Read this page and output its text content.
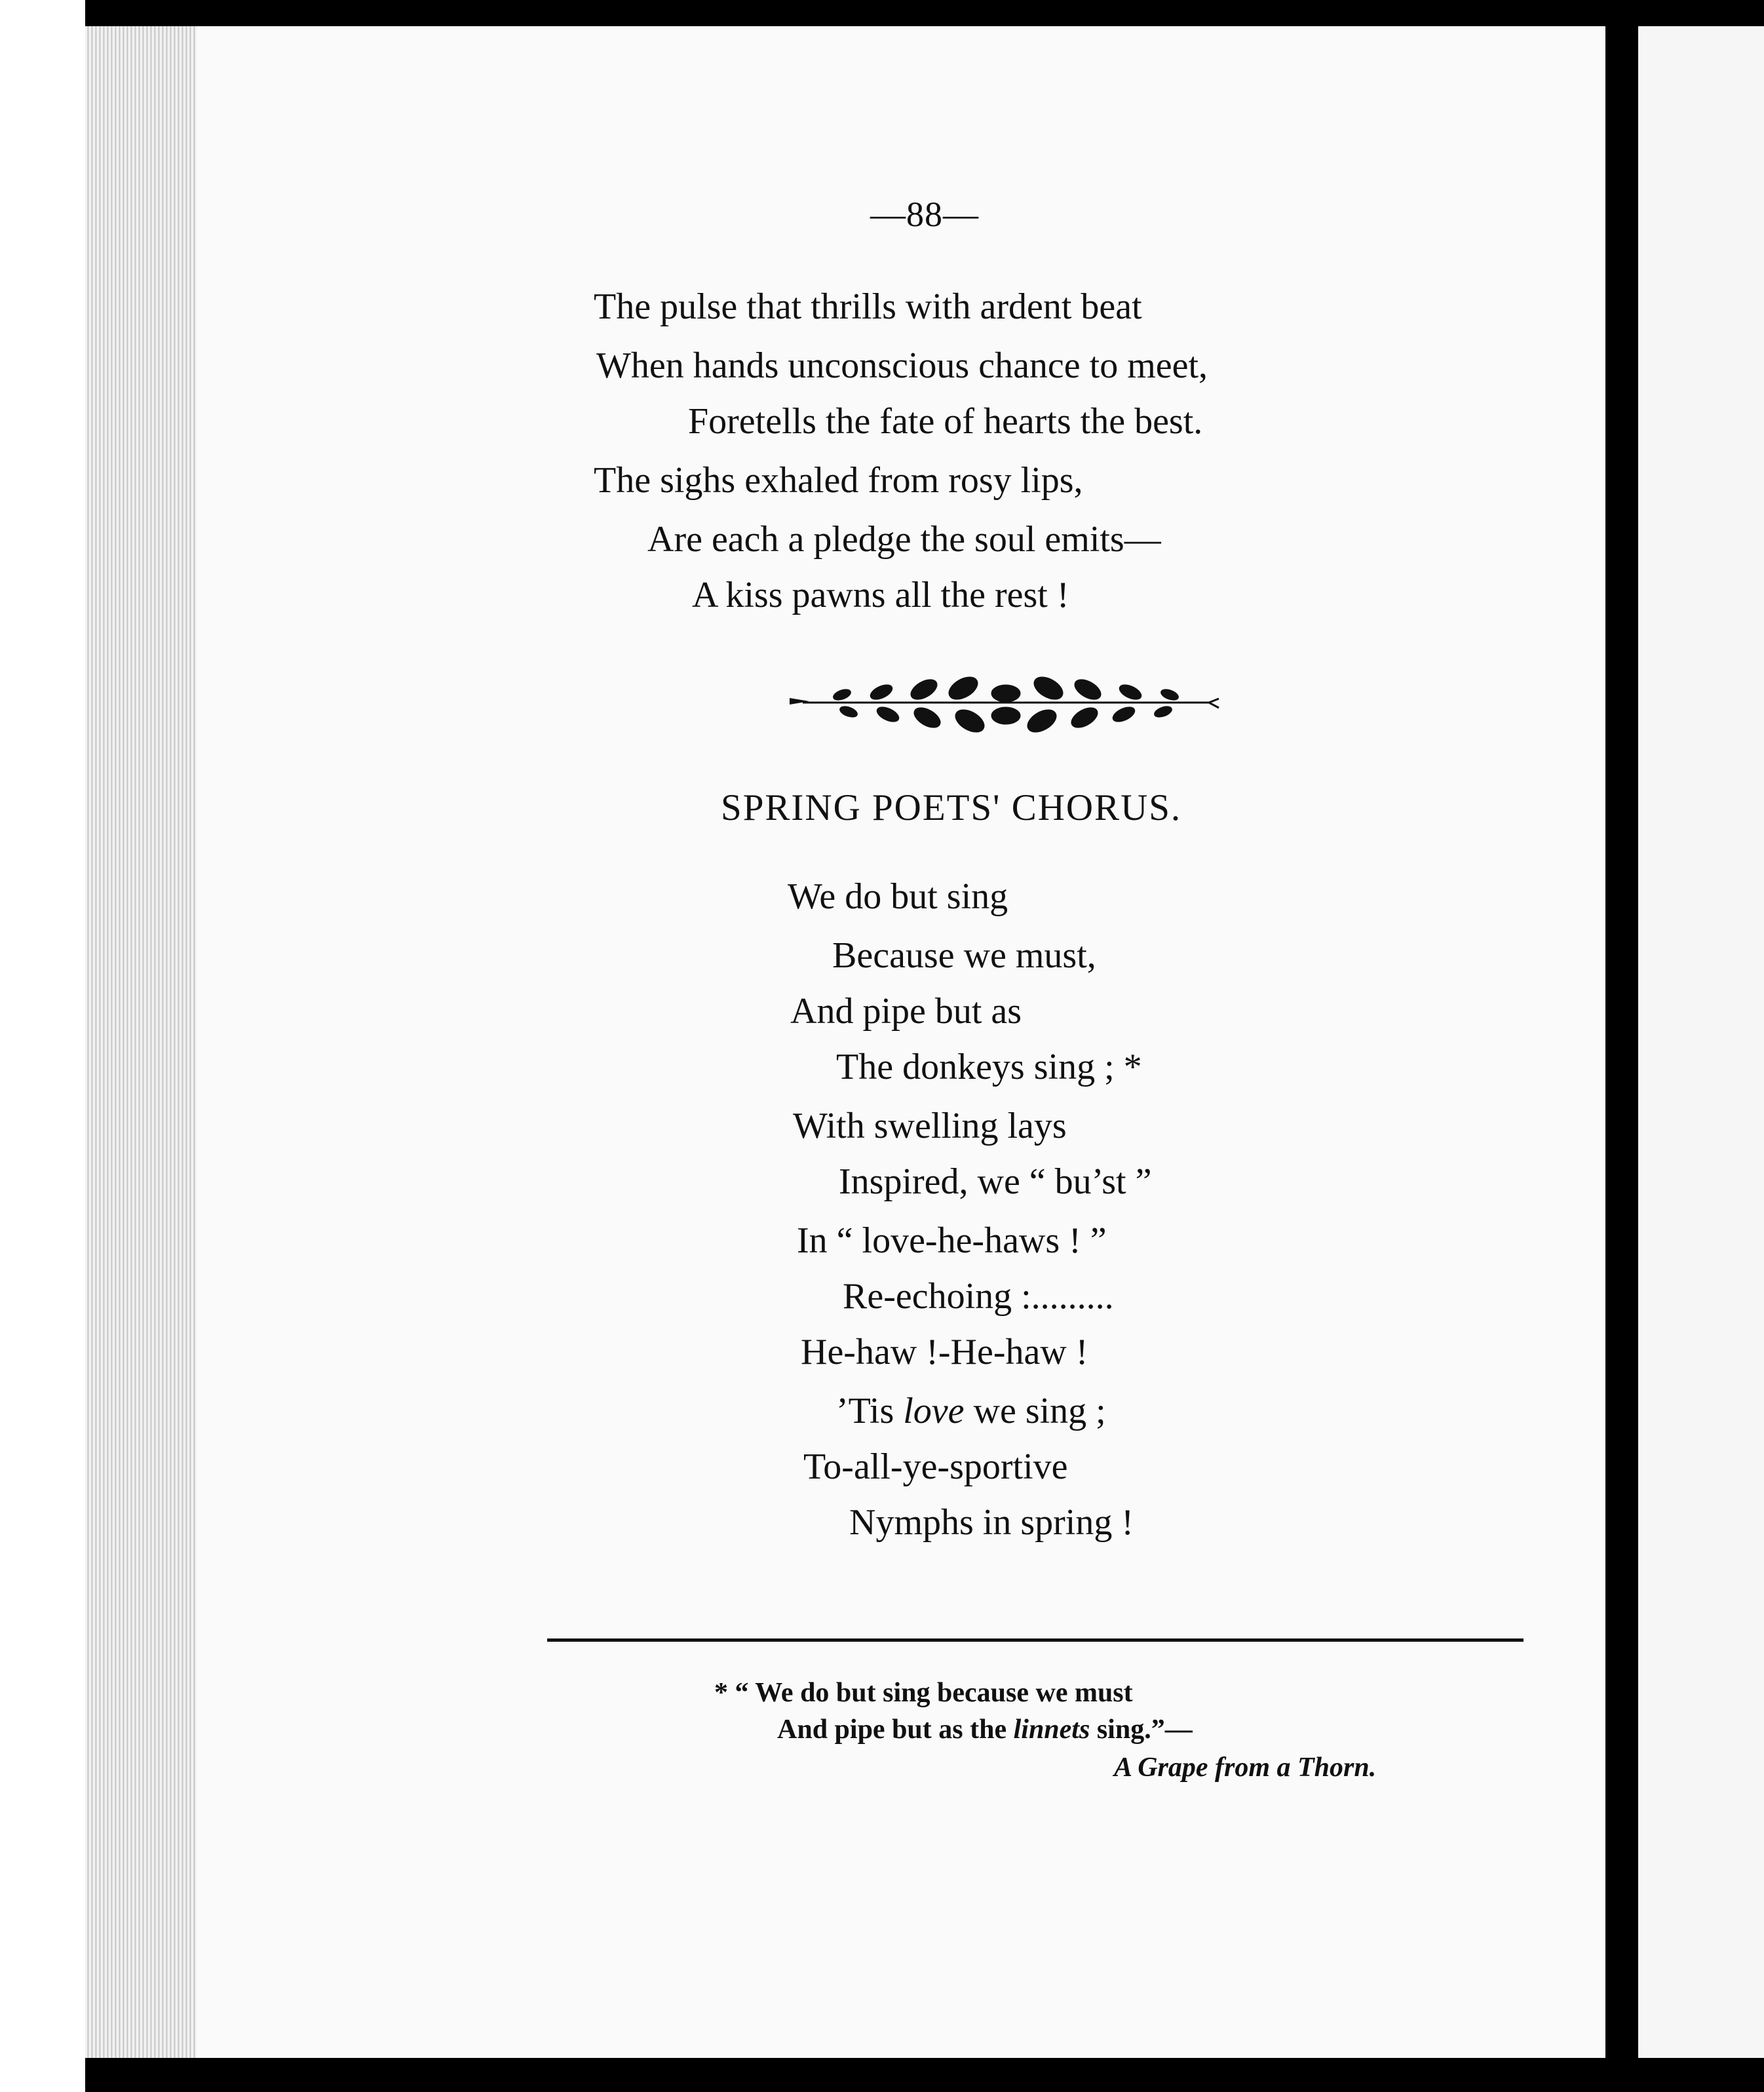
—88—
The pulse that thrills with ardent beat
When hands unconscious chance to meet,
Foretells the fate of hearts the best.
The sighs exhaled from rosy lips,
Are each a pledge the soul emits—
A kiss pawns all the rest !
SPRING POETS' CHORUS.
We do but sing
Because we must,
And pipe but as
The donkeys sing ; *
With swelling lays
Inspired, we “ bu’st ”
In “ love-he-haws ! ”
Re-echoing :.........
He-haw !-He-haw !
’Tis love we sing ;
To-all-ye-sportive
Nymphs in spring !
* “ We do but sing because we must
And pipe but as the linnets sing.”—
A Grape from a Thorn.
